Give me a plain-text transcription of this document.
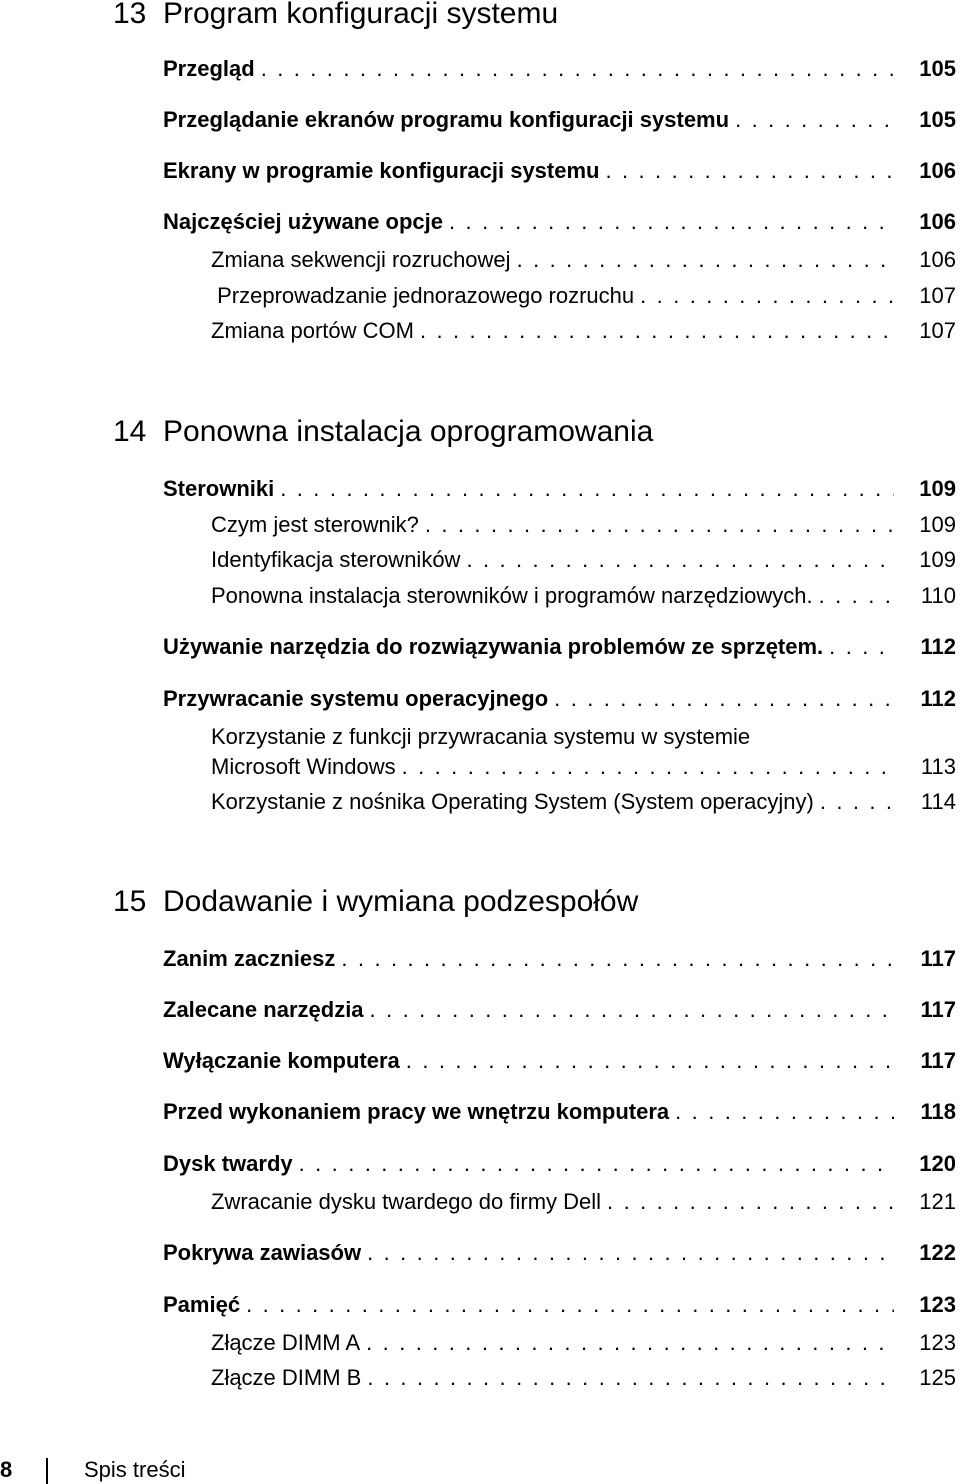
13 Program konfiguracji systemu
Przegląd . . .	105
Przeglądanie ekranów programu konfiguracji systemu . . .	105
Ekrany w programie konfiguracji systemu . . .	106
Najczęściej używane opcje . . .	106
Zmiana sekwencji rozruchowej . . .	106
Przeprowadzanie jednorazowego rozruchu . . .	107
Zmiana portów COM . . .	107
14 Ponowna instalacja oprogramowania
Sterowniki . . .	109
Czym jest sterownik? . . .	109
Identyfikacja sterowników . . .	109
Ponowna instalacja sterowników i programów narzędziowych. . . .	110
Używanie narzędzia do rozwiązywania problemów ze sprzętem. . . .	112
Przywracanie systemu operacyjnego . . .	112
Korzystanie z funkcji przywracania systemu w systemie
Microsoft Windows . . .	113
Korzystanie z nośnika Operating System (System operacyjny) . . .	114
15 Dodawanie i wymiana podzespołów
Zanim zaczniesz . . .	117
Zalecane narzędzia . . .	117
Wyłączanie komputera . . .	117
Przed wykonaniem pracy we wnętrzu komputera . . .	118
Dysk twardy . . .	120
Zwracanie dysku twardego do firmy Dell . . .	121
Pokrywa zawiasów . . .	122
Pamięć . . .	123
Złącze DIMM A . . .	123
Złącze DIMM B . . .	125
8	Spis treści
